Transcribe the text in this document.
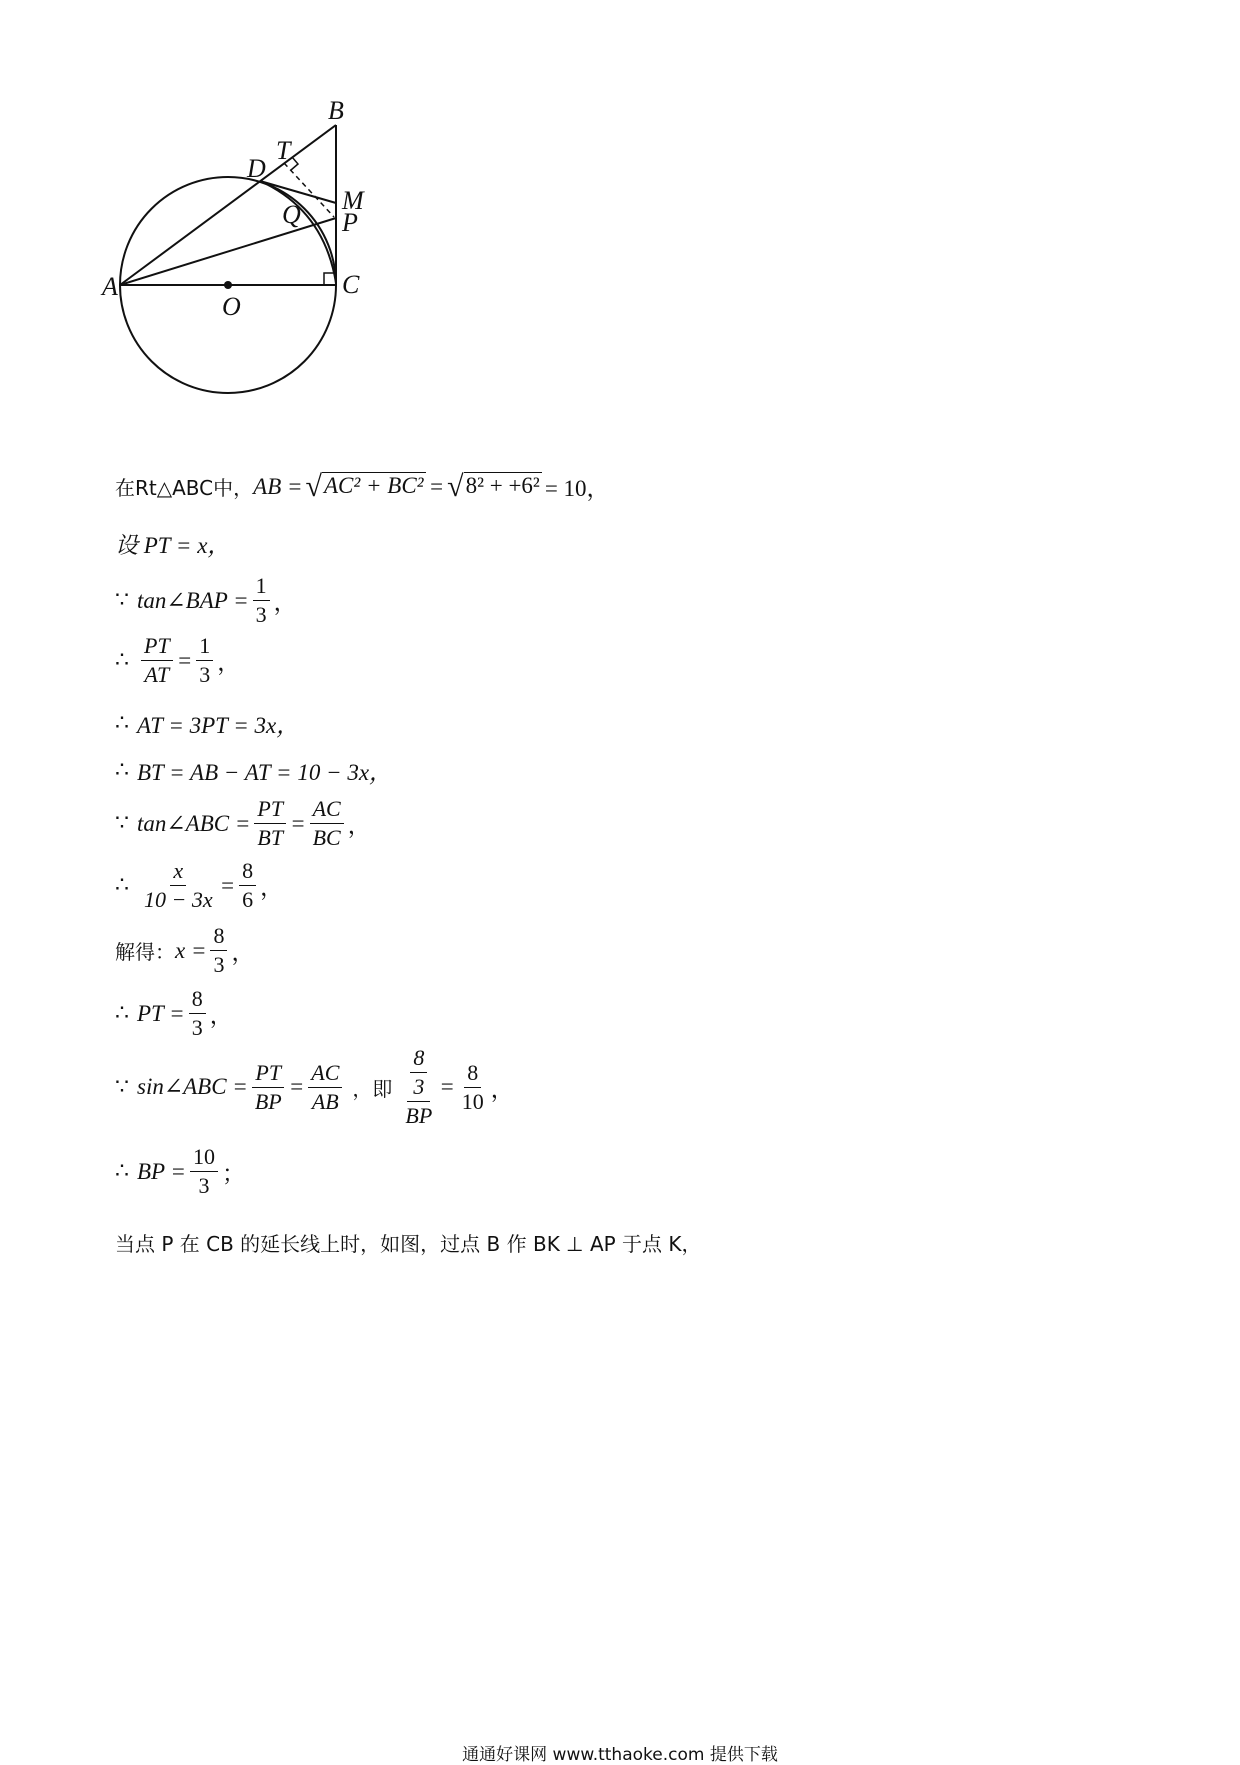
B
T
D
M
Q P
A	C
O
在Rt△ABC中， AB = √ AC² + BC² = √ 8² + +6² = 10，
设 PT = x，
∵ tan∠BAP = $\frac{1}{3}$ ，
∴ $\frac{PT}{AT} = \frac{1}{3}$ ，
∴ AT = 3PT = 3x，
∴ BT = AB − AT = 10 − 3x，
∵ tan∠ABC = $\frac{PT}{BT} = \frac{AC}{BC}$ ，
∴ $\frac{x}{10 - 3x} = \frac{8}{6}$ ，
解得： $x = \frac{8}{3}$ ，
∴ PT = $\frac{8}{3}$ ，
∵ sin∠ABC = $\frac{PT}{BP} = \frac{AC}{AB}$ ，即 $\frac{\frac{8}{3}}{BP} = \frac{8}{10}$ ，
∴ BP = $\frac{10}{3}$ ；
当点 P 在 CB 的延长线上时，如图，过点 B 作 BK ⊥ AP 于点 K，
通通好课网 www.tthaoke.com 提供下载
